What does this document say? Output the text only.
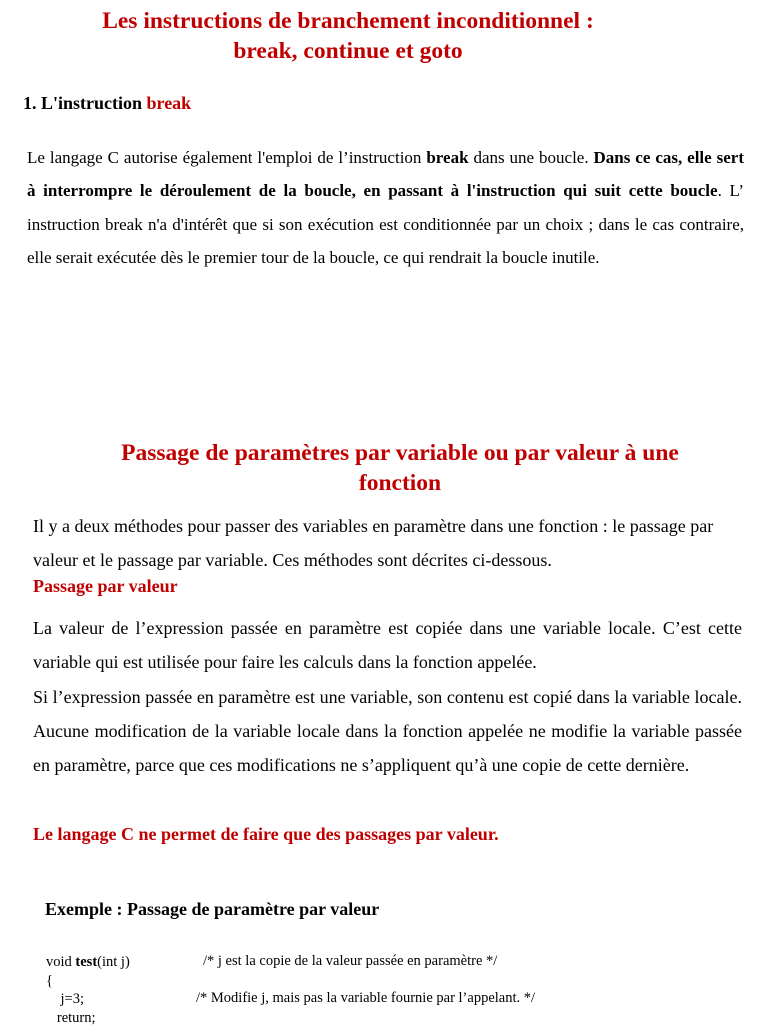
Les instructions de branchement inconditionnel :
break, continue et goto
1. L'instruction break
Le langage C autorise également l'emploi de l’instruction break dans une boucle. Dans ce cas, elle sert à interrompre le déroulement de la boucle, en passant à l'instruction qui suit cette boucle. L’ instruction break n'a d'intérêt que si son exécution est conditionnée par un choix ; dans le cas contraire, elle serait exécutée dès le premier tour de la boucle, ce qui rendrait la boucle inutile.
Passage de paramètres par variable ou par valeur à une
fonction
Il y a deux méthodes pour passer des variables en paramètre dans une fonction : le passage par valeur et le passage par variable. Ces méthodes sont décrites ci-dessous.
Passage par valeur
La valeur de l’expression passée en paramètre est copiée dans une variable locale. C’est cette variable qui est utilisée pour faire les calculs dans la fonction appelée.
Si l’expression passée en paramètre est une variable, son contenu est copié dans la variable locale. Aucune modification de la variable locale dans la fonction appelée ne modifie la variable passée en paramètre, parce que ces modifications ne s’appliquent qu’à une copie de cette dernière.
Le langage C ne permet de faire que des passages par valeur.
Exemple : Passage de paramètre par valeur
void test(int j)	/* j est la copie de la valeur passée en paramètre */
{
j=3;	/* Modifie j, mais pas la variable fournie par l’appelant. */
return;
